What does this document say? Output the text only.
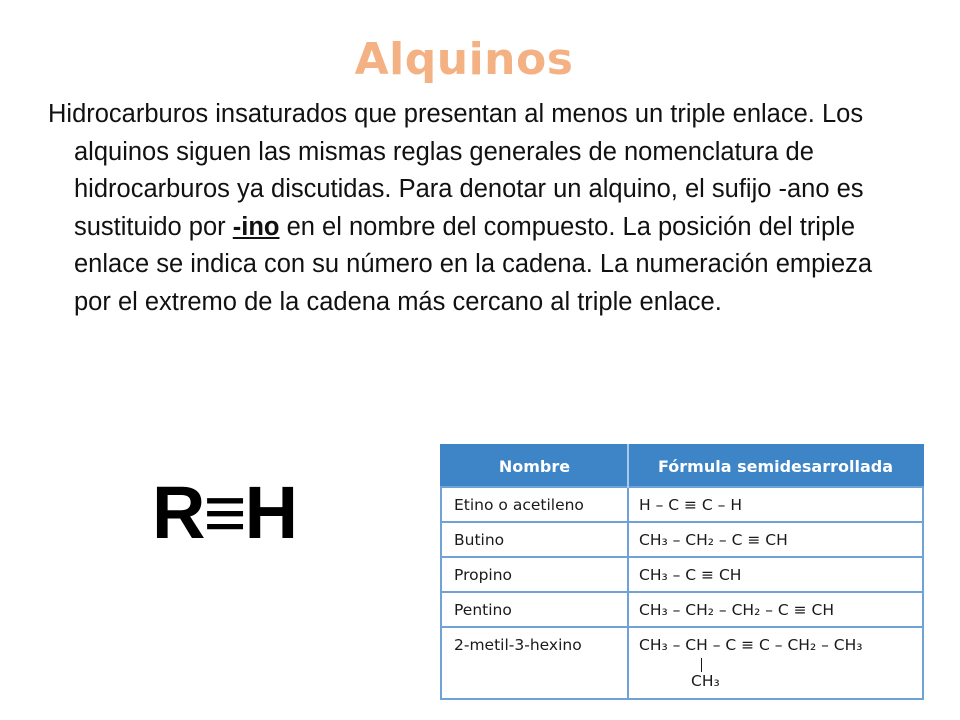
Alquinos
Hidrocarburos insaturados que presentan al menos un triple enlace. Los alquinos siguen las mismas reglas generales de nomenclatura de hidrocarburos ya discutidas. Para denotar un alquino, el sufijo -ano es sustituido por -ino en el nombre del compuesto. La posición del triple enlace se indica con su número en la cadena. La numeración empieza por el extremo de la cadena más cercano al triple enlace.
R≡H
Nombre	Fórmula semidesarrollada
Etino o acetileno	H – C ≡ C – H
Butino	CH₃ – CH₂ – C ≡ CH
Propino	CH₃ – C ≡ CH
Pentino	CH₃ – CH₂ – CH₂ – C ≡ CH
2-metil-3-hexino	CH₃ – CH – C ≡ C – CH₂ – CH₃
CH₃
